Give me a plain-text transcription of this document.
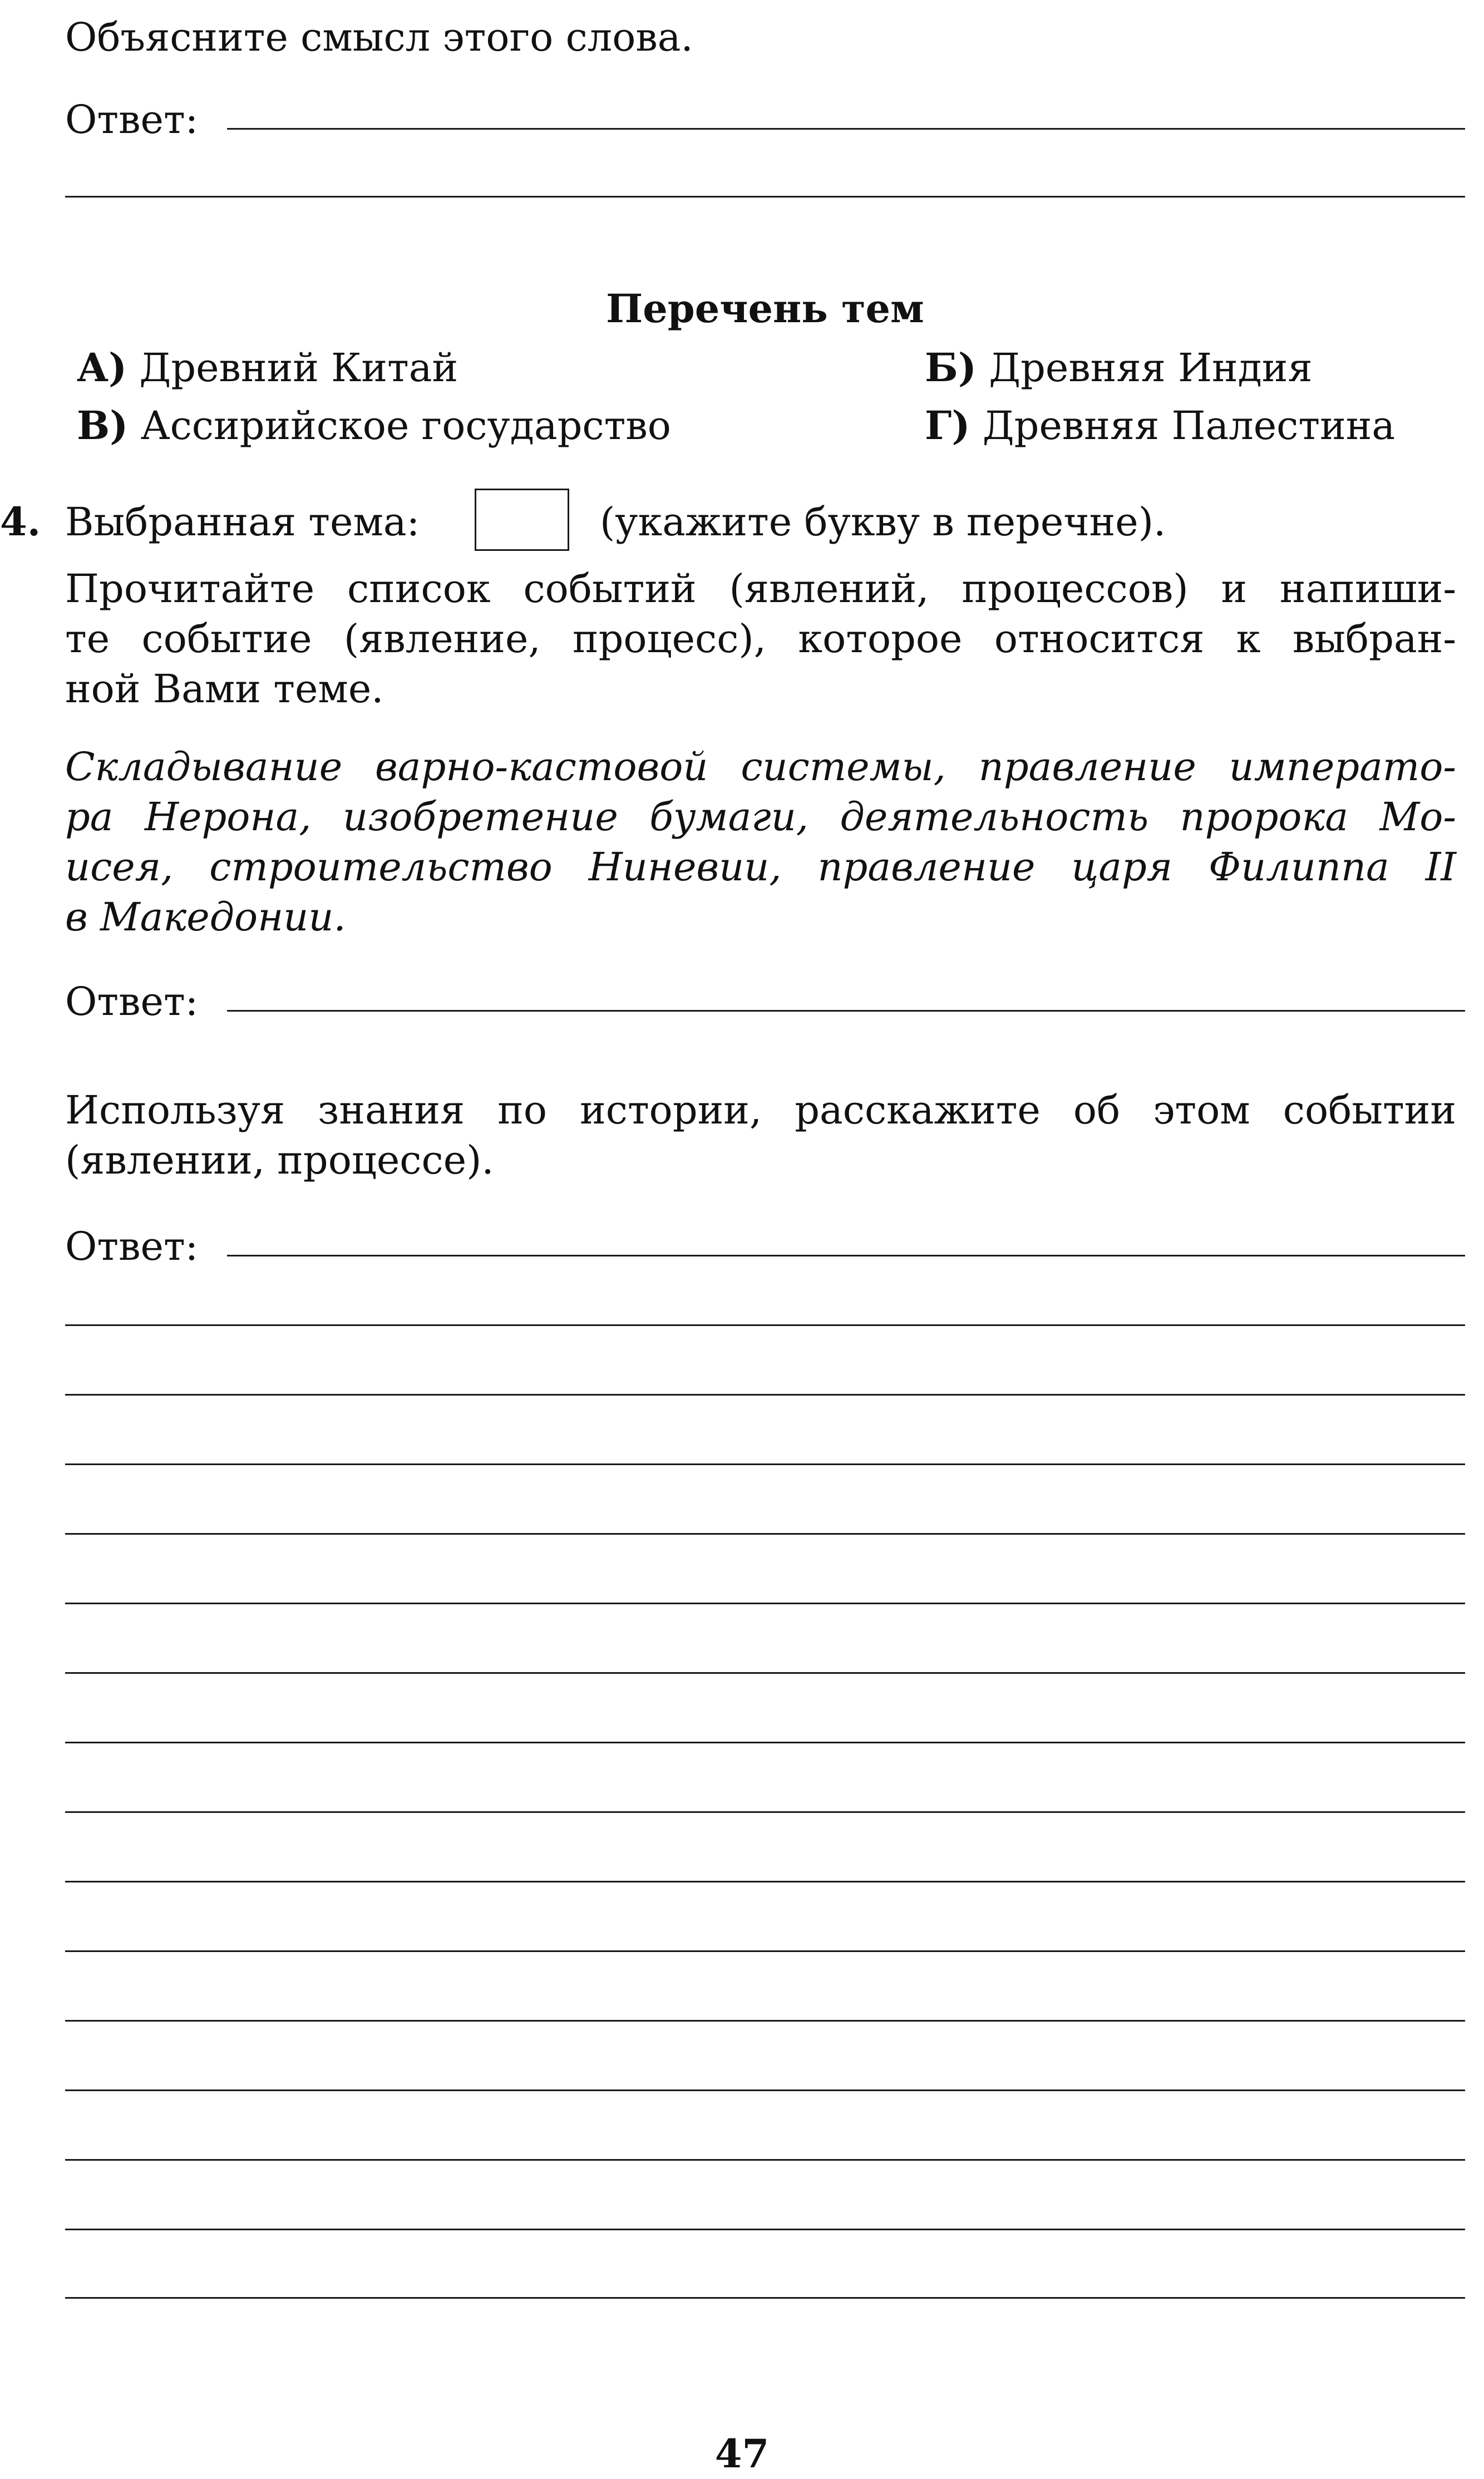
Объясните смысл этого слова.
Ответ:
Перечень тем
А) Древний Китай	Б) Древняя Индия
В) Ассирийское государство	Г) Древняя Палестина
4. Выбранная тема:	(укажите букву в перечне).
Прочитайте список событий (явлений, процессов) и напиши-
те событие (явление, процесс), которое относится к выбран-
ной Вами теме.
Складывание варно-кастовой системы, правление императо-
ра Нерона, изобретение бумаги, деятельность пророка Мо-
исея, строительство Ниневии, правление царя Филиппа II
в Македонии.
Ответ:
Используя знания по истории, расскажите об этом событии
(явлении, процессе).
Ответ:
47
